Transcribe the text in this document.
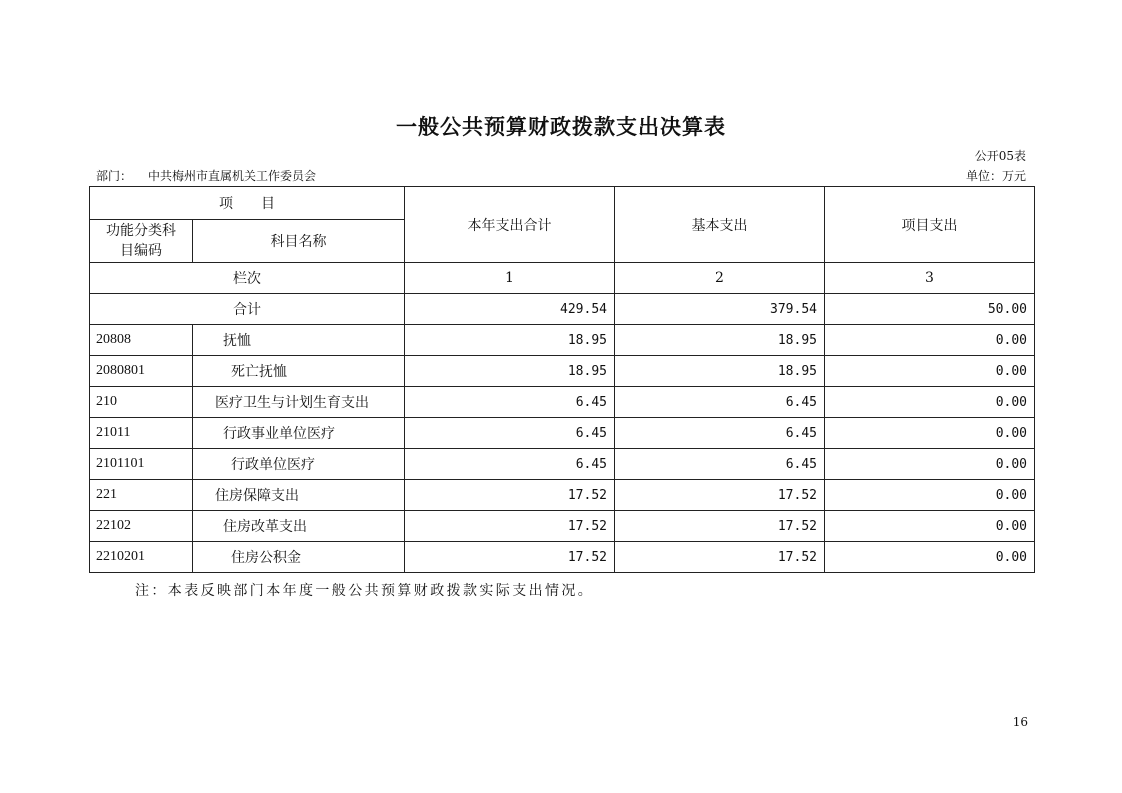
一般公共预算财政拨款支出决算表
公开05表
部门： 中共梅州市直属机关工作委员会	单位：万元
项　　目		本年支出合计	基本支出	项目支出
功能分类科目编码	科目名称			
栏次		1	2	3
合计		429.54	379.54	50.00
20808	抚恤	18.95	18.95	0.00
2080801	死亡抚恤	18.95	18.95	0.00
210	医疗卫生与计划生育支出	6.45	6.45	0.00
21011	行政事业单位医疗	6.45	6.45	0.00
2101101	行政单位医疗	6.45	6.45	0.00
221	住房保障支出	17.52	17.52	0.00
22102	住房改革支出	17.52	17.52	0.00
2210201	住房公积金	17.52	17.52	0.00
注：本表反映部门本年度一般公共预算财政拨款实际支出情况。
16
